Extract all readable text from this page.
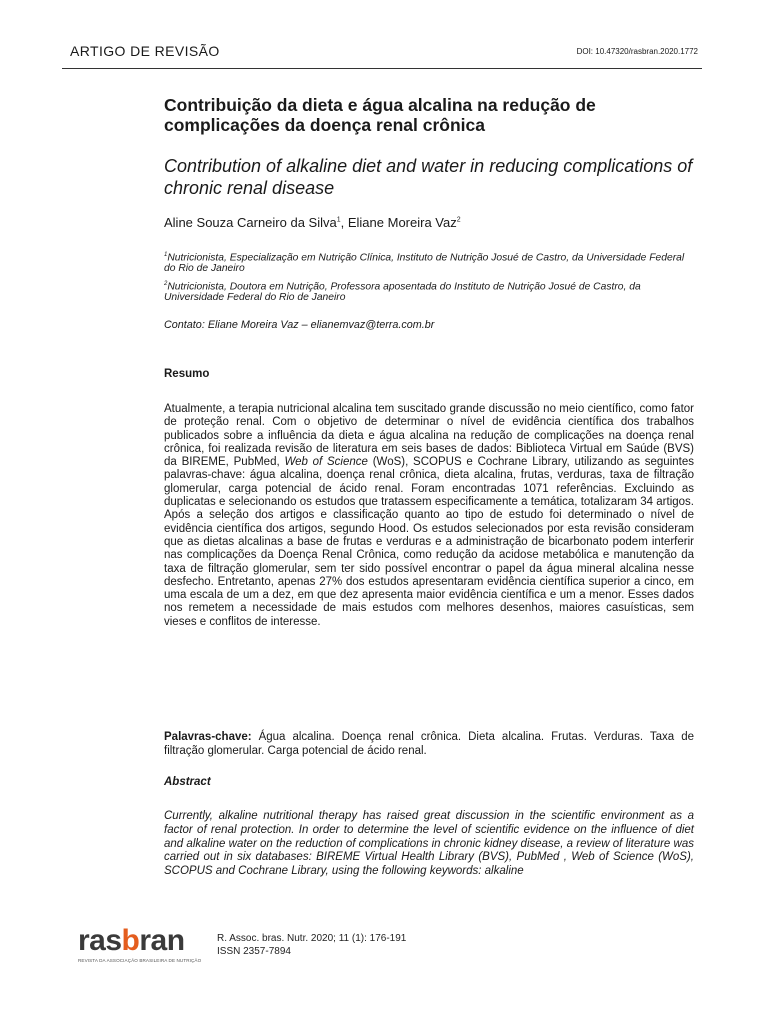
ARTIGO DE REVISÃO	DOI: 10.47320/rasbran.2020.1772
Contribuição da dieta e água alcalina na redução de complicações da doença renal crônica
Contribution of alkaline diet and water in reducing complications of chronic renal disease
Aline Souza Carneiro da Silva$^1$, Eliane Moreira Vaz$^2$
$^1$Nutricionista, Especialização em Nutrição Clínica, Instituto de Nutrição Josué de Castro, da Universidade Federal do Rio de Janeiro
$^2$Nutricionista, Doutora em Nutrição, Professora aposentada do Instituto de Nutrição Josué de Castro, da Universidade Federal do Rio de Janeiro
Contato: Eliane Moreira Vaz – elianemvaz@terra.com.br
Resumo
Atualmente, a terapia nutricional alcalina tem suscitado grande discussão no meio científico, como fator de proteção renal. Com o objetivo de determinar o nível de evidência científica dos trabalhos publicados sobre a influência da dieta e água alcalina na redução de complicações na doença renal crônica, foi realizada revisão de literatura em seis bases de dados: Biblioteca Virtual em Saúde (BVS) da BIREME, PubMed, Web of Science (WoS), SCOPUS e Cochrane Library, utilizando as seguintes palavras-chave: água alcalina, doença renal crônica, dieta alcalina, frutas, verduras, taxa de filtração glomerular, carga potencial de ácido renal. Foram encontradas 1071 referências. Excluindo as duplicatas e selecionando os estudos que tratassem especificamente a temática, totalizaram 34 artigos. Após a seleção dos artigos e classificação quanto ao tipo de estudo foi determinado o nível de evidência científica dos artigos, segundo Hood. Os estudos selecionados por esta revisão consideram que as dietas alcalinas a base de frutas e verduras e a administração de bicarbonato podem interferir nas complicações da Doença Renal Crônica, como redução da acidose metabólica e manutenção da taxa de filtração glomerular, sem ter sido possível encontrar o papel da água mineral alcalina nesse desfecho. Entretanto, apenas 27% dos estudos apresentaram evidência científica superior a cinco, em uma escala de um a dez, em que dez apresenta maior evidência científica e um a menor. Esses dados nos remetem a necessidade de mais estudos com melhores desenhos, maiores casuísticas, sem vieses e conflitos de interesse.
Palavras-chave: Água alcalina. Doença renal crônica. Dieta alcalina. Frutas. Verduras. Taxa de filtração glomerular. Carga potencial de ácido renal.
Abstract
Currently, alkaline nutritional therapy has raised great discussion in the scientific environment as a factor of renal protection. In order to determine the level of scientific evidence on the influence of diet and alkaline water on the reduction of complications in chronic kidney disease, a review of literature was carried out in six databases: BIREME Virtual Health Library (BVS), PubMed , Web of Science (WoS), SCOPUS and Cochrane Library, using the following keywords: alkaline
rasbran
REVISTA DA ASSOCIAÇÃO BRASILEIRA DE NUTRIÇÃO
R. Assoc. bras. Nutr. 2020; 11 (1): 176-191
ISSN 2357-7894
